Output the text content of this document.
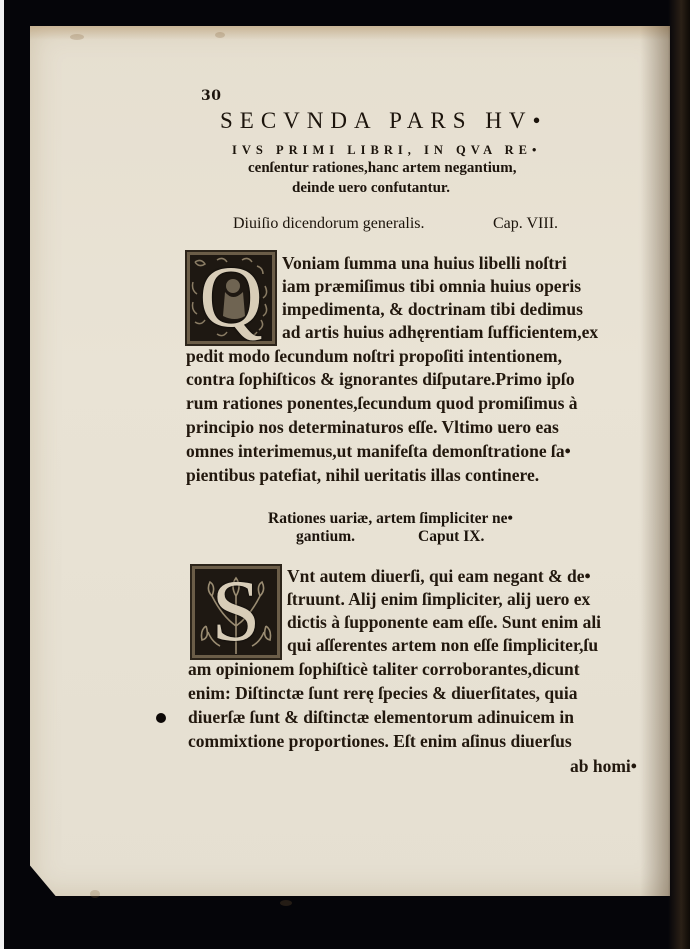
30
SECVNDA PARS HV•
IVS PRIMI LIBRI, IN QVA RE•
cenſentur rationes,hanc artem negantium,
deinde uero confutantur.
Diuiſio dicendorum generalis.	Cap. VIII.
Q	Voniam ſumma una huius libelli noſtri
iam præmiſimus tibi omnia huius operis
impedimenta, & doctrinam tibi dedimus
ad artis huius adhęrentiam ſufficientem,ex
pedit modo ſecundum noſtri propoſiti intentionem,
contra ſophiſticos & ignorantes diſputare.Primo ipſo
rum rationes ponentes,ſecundum quod promiſimus à
principio nos determinaturos eſſe. Vltimo uero eas
omnes interimemus,ut manifeſta demonſtratione ſa•
pientibus patefiat, nihil ueritatis illas continere.
Rationes uariæ, artem ſimpliciter ne•
gantium.	Caput IX.
S	Vnt autem diuerſi, qui eam negant & de•
ſtruunt. Alij enim ſimpliciter, alij uero ex
dictis à ſupponente eam eſſe. Sunt enim ali
qui aſſerentes artem non eſſe ſimpliciter,ſu
am opinionem ſophiſticè taliter corroborantes,dicunt
enim: Diſtinctæ ſunt rerę ſpecies & diuerſitates, quia
diuerſæ ſunt & diſtinctæ elementorum adinuicem in
commixtione proportiones. Eſt enim aſinus diuerſus
ab homi•
